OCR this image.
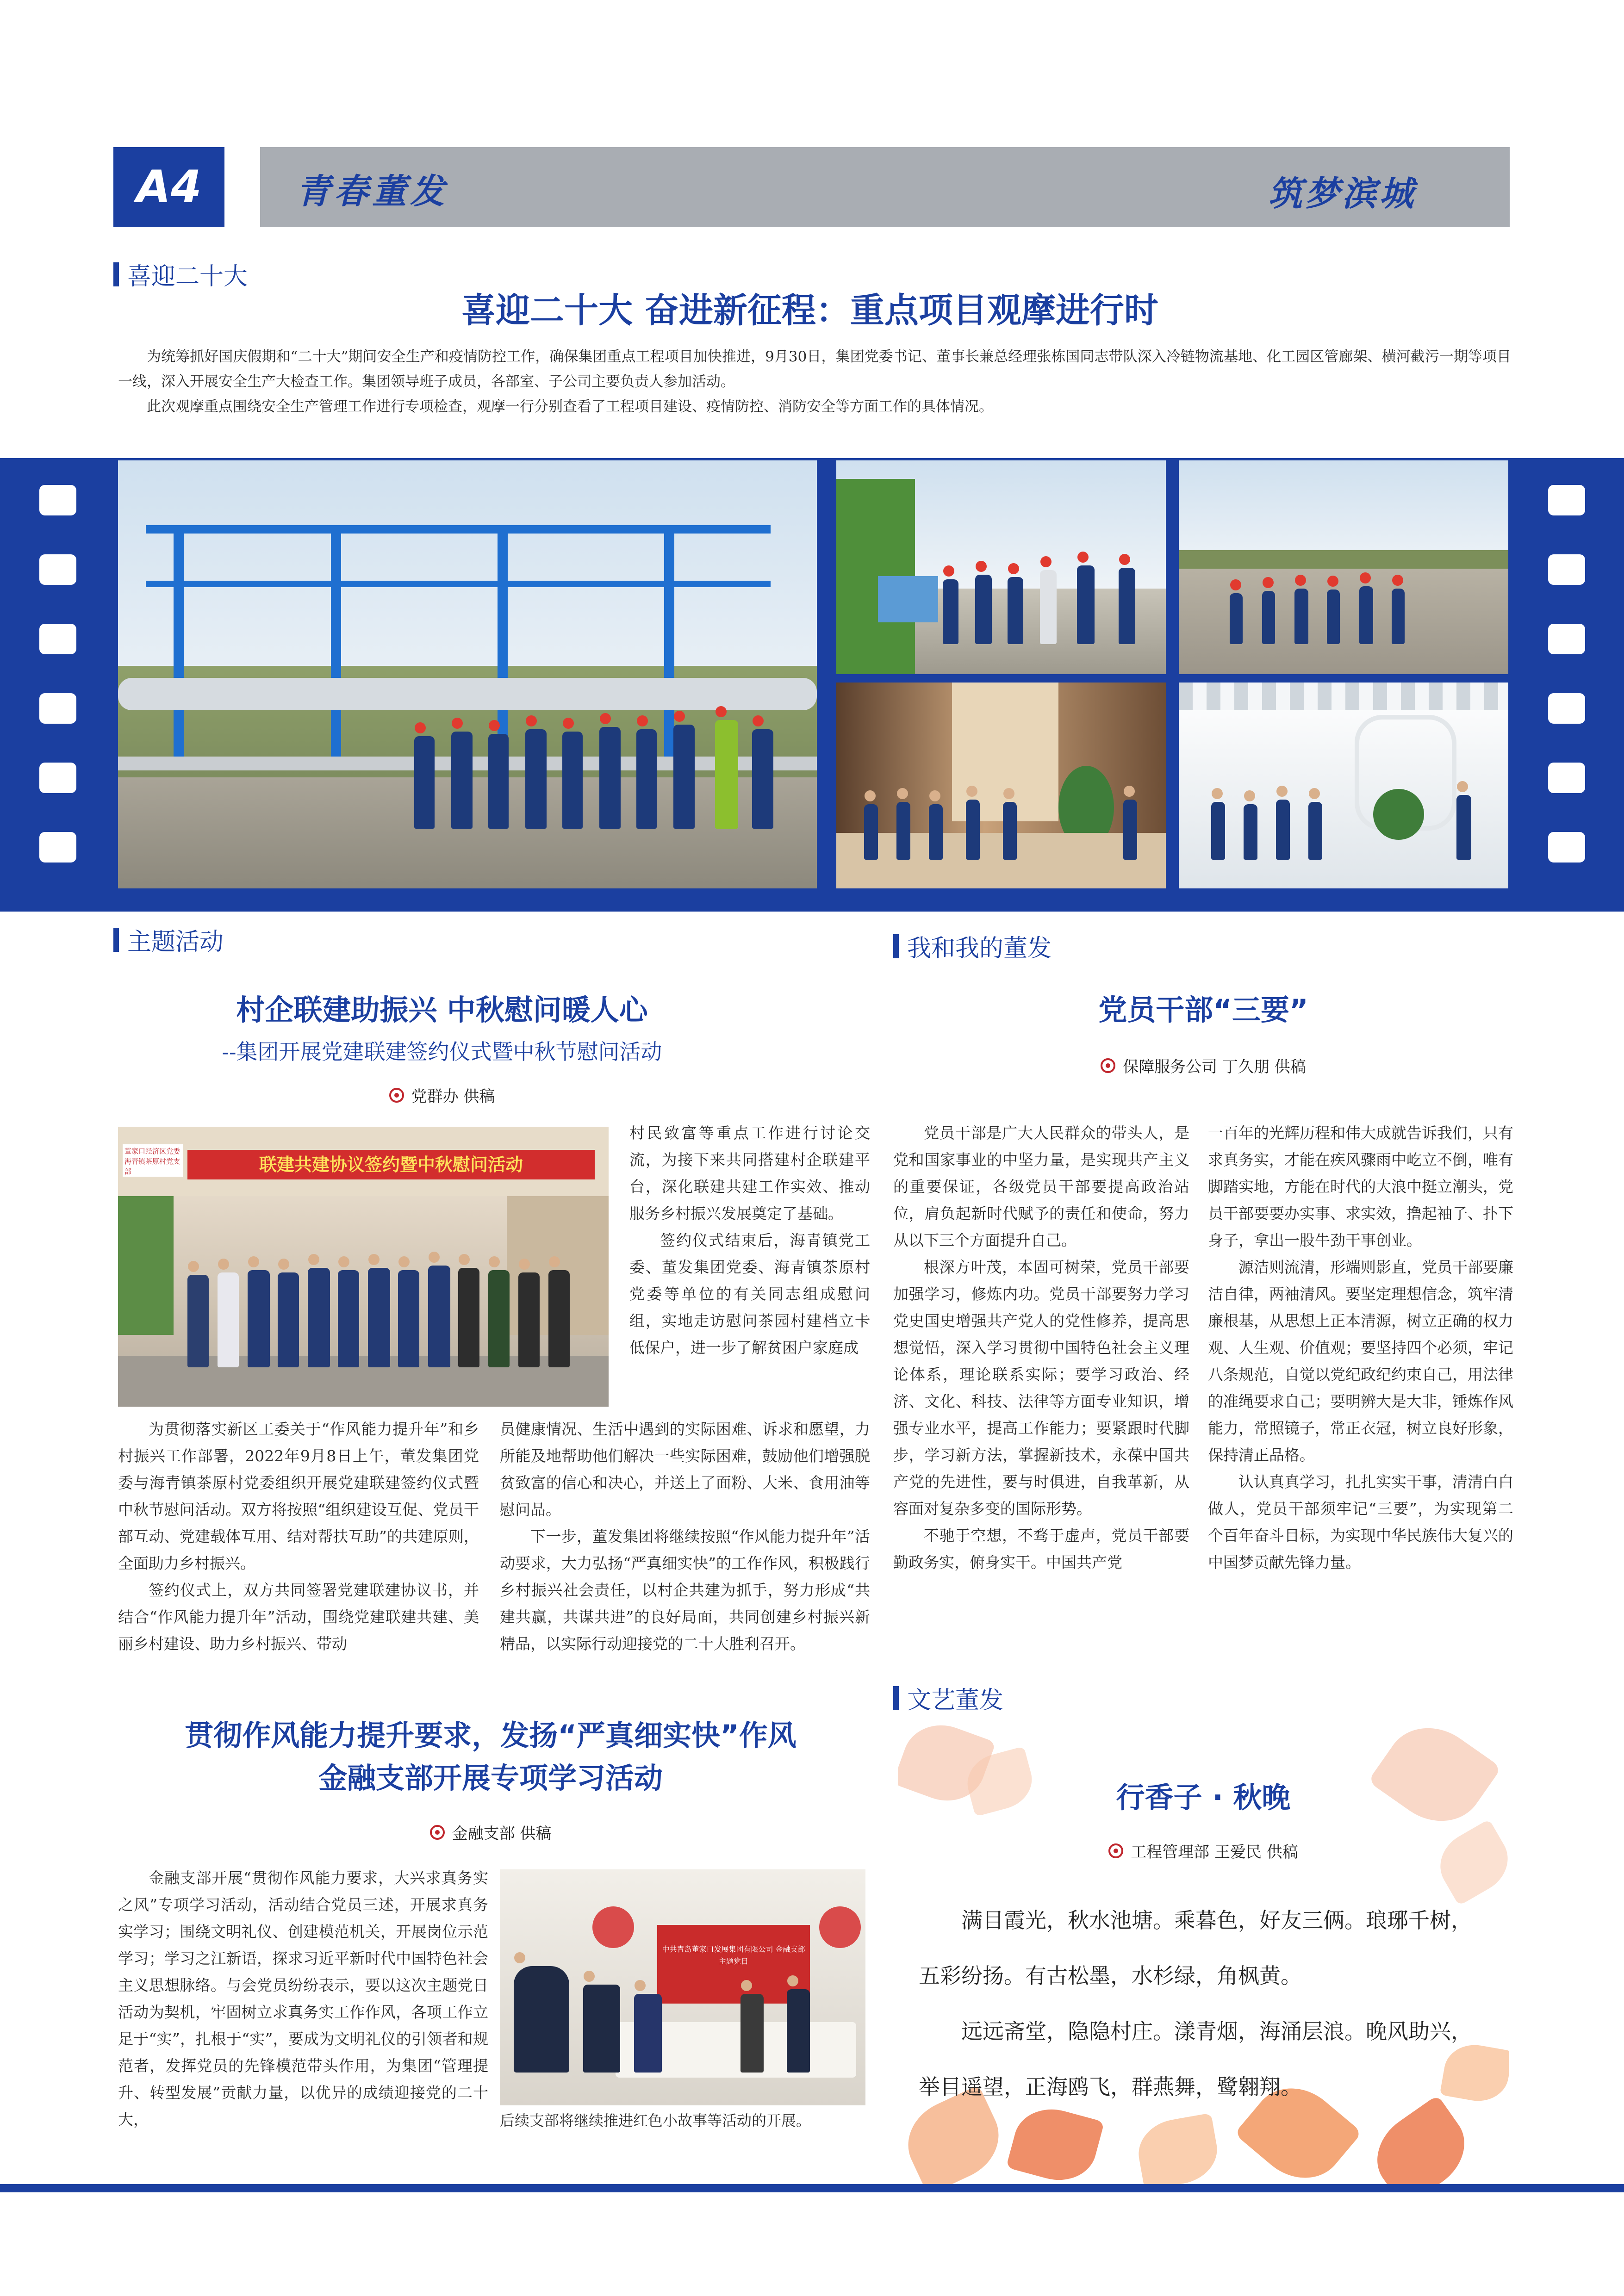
A4	青春董发	筑梦滨城
喜迎二十大
喜迎二十大 奋进新征程：重点项目观摩进行时

为统筹抓好国庆假期和“二十大”期间安全生产和疫情防控工作，确保集团重点工程项目加快推进，9月30日，集团党委书记、董事长兼总经理张栋国同志带队深入冷链物流基地、化工园区管廊架、横河截污一期等项目一线，深入开展安全生产大检查工作。集团领导班子成员，各部室、子公司主要负责人参加活动。

此次观摩重点围绕安全生产管理工作进行专项检查，观摩一行分别查看了工程项目建设、疫情防控、消防安全等方面工作的具体情况。

主题活动
村企联建助振兴 中秋慰问暖人心
--集团开展党建联建签约仪式暨中秋节慰问活动
党群办 供稿
董家口经济区党委 海青镇茶原村党支部	联建共建协议签约暨中秋慰问活动

村民致富等重点工作进行讨论交流，为接下来共同搭建村企联建平台，深化联建共建工作实效、推动服务乡村振兴发展奠定了基础。

签约仪式结束后，海青镇党工委、董发集团党委、海青镇茶原村党委等单位的有关同志组成慰问组，实地走访慰问茶园村建档立卡低保户，进一步了解贫困户家庭成

为贯彻落实新区工委关于“作风能力提升年”和乡村振兴工作部署，2022年9月8日上午，董发集团党委与海青镇茶原村党委组织开展党建联建签约仪式暨中秋节慰问活动。双方将按照“组织建设互促、党员干部互动、党建载体互用、结对帮扶互助”的共建原则，全面助力乡村振兴。

签约仪式上，双方共同签署党建联建协议书，并结合“作风能力提升年”活动，围绕党建联建共建、美丽乡村建设、助力乡村振兴、带动

员健康情况、生活中遇到的实际困难、诉求和愿望，力所能及地帮助他们解决一些实际困难，鼓励他们增强脱贫致富的信心和决心，并送上了面粉、大米、食用油等慰问品。

下一步，董发集团将继续按照“作风能力提升年”活动要求，大力弘扬“严真细实快”的工作作风，积极践行乡村振兴社会责任，以村企共建为抓手，努力形成“共建共赢，共谋共进”的良好局面，共同创建乡村振兴新精品，以实际行动迎接党的二十大胜利召开。

我和我的董发
党员干部“三要”
保障服务公司 丁久朋 供稿

党员干部是广大人民群众的带头人，是党和国家事业的中坚力量，是实现共产主义的重要保证，各级党员干部要提高政治站位，肩负起新时代赋予的责任和使命，努力从以下三个方面提升自己。

根深方叶茂，本固可树荣，党员干部要加强学习，修炼内功。党员干部要努力学习党史国史增强共产党人的党性修养，提高思想觉悟，深入学习贯彻中国特色社会主义理论体系，理论联系实际；要学习政治、经济、文化、科技、法律等方面专业知识，增强专业水平，提高工作能力；要紧跟时代脚步，学习新方法，掌握新技术，永葆中国共产党的先进性，要与时俱进，自我革新，从容面对复杂多变的国际形势。

不驰于空想，不骛于虚声，党员干部要勤政务实，俯身实干。中国共产党

一百年的光辉历程和伟大成就告诉我们，只有求真务实，才能在疾风骤雨中屹立不倒，唯有脚踏实地，方能在时代的大浪中挺立潮头，党员干部要要办实事、求实效，撸起袖子、扑下身子，拿出一股牛劲干事创业。

源洁则流清，形端则影直，党员干部要廉洁自律，两袖清风。要坚定理想信念，筑牢清廉根基，从思想上正本清源，树立正确的权力观、人生观、价值观；要坚持四个必须，牢记八条规范，自觉以党纪政纪约束自己，用法律的准绳要求自己；要明辨大是大非，锤炼作风能力，常照镜子，常正衣冠，树立良好形象，保持清正品格。

认认真真学习，扎扎实实干事，清清白白做人，党员干部须牢记“三要”，为实现第二个百年奋斗目标，为实现中华民族伟大复兴的中国梦贡献先锋力量。

贯彻作风能力提升要求，发扬“严真细实快”作风
金融支部开展专项学习活动
金融支部 供稿

金融支部开展“贯彻作风能力要求，大兴求真务实之风”专项学习活动，活动结合党员三述，开展求真务实学习；围绕文明礼仪、创建模范机关，开展岗位示范学习；学习之江新语，探求习近平新时代中国特色社会主义思想脉络。与会党员纷纷表示，要以这次主题党日活动为契机，牢固树立求真务实工作作风，各项工作立足于“实”，扎根于“实”，要成为文明礼仪的引领者和规范者，发挥党员的先锋模范带头作用，为集团“管理提升、转型发展”贡献力量，以优异的成绩迎接党的二十大，

中共青岛董家口发展集团有限公司 金融支部主题党日
后续支部将继续推进红色小故事等活动的开展。
文艺董发
行香子 · 秋晚
工程管理部 王爱民 供稿
满目霞光，秋水池塘。乘暮色，好友三俩。琅琊千树，
五彩纷扬。有古松墨，水杉绿，角枫黄。
远远斋堂，隐隐村庄。漾青烟，海涌层浪。晚风助兴，
举目遥望，正海鸥飞，群燕舞，鹭翱翔。
